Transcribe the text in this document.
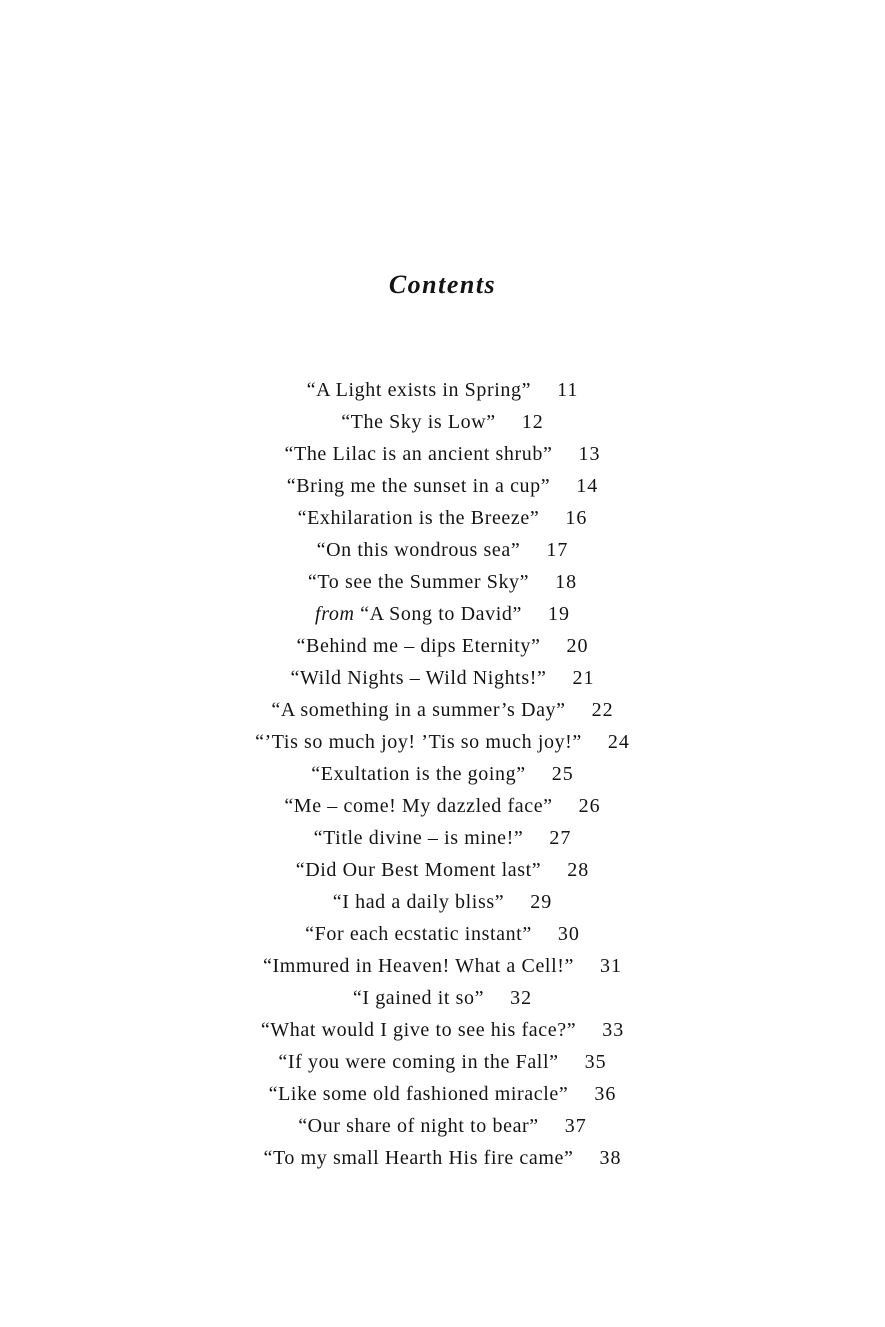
Contents
“A Light exists in Spring” 11
“The Sky is Low” 12
“The Lilac is an ancient shrub” 13
“Bring me the sunset in a cup” 14
“Exhilaration is the Breeze” 16
“On this wondrous sea” 17
“To see the Summer Sky” 18
from “A Song to David” 19
“Behind me – dips Eternity” 20
“Wild Nights – Wild Nights!” 21
“A something in a summer’s Day” 22
“’Tis so much joy! ’Tis so much joy!” 24
“Exultation is the going” 25
“Me – come! My dazzled face” 26
“Title divine – is mine!” 27
“Did Our Best Moment last” 28
“I had a daily bliss” 29
“For each ecstatic instant” 30
“Immured in Heaven! What a Cell!” 31
“I gained it so” 32
“What would I give to see his face?” 33
“If you were coming in the Fall” 35
“Like some old fashioned miracle” 36
“Our share of night to bear” 37
“To my small Hearth His fire came” 38
